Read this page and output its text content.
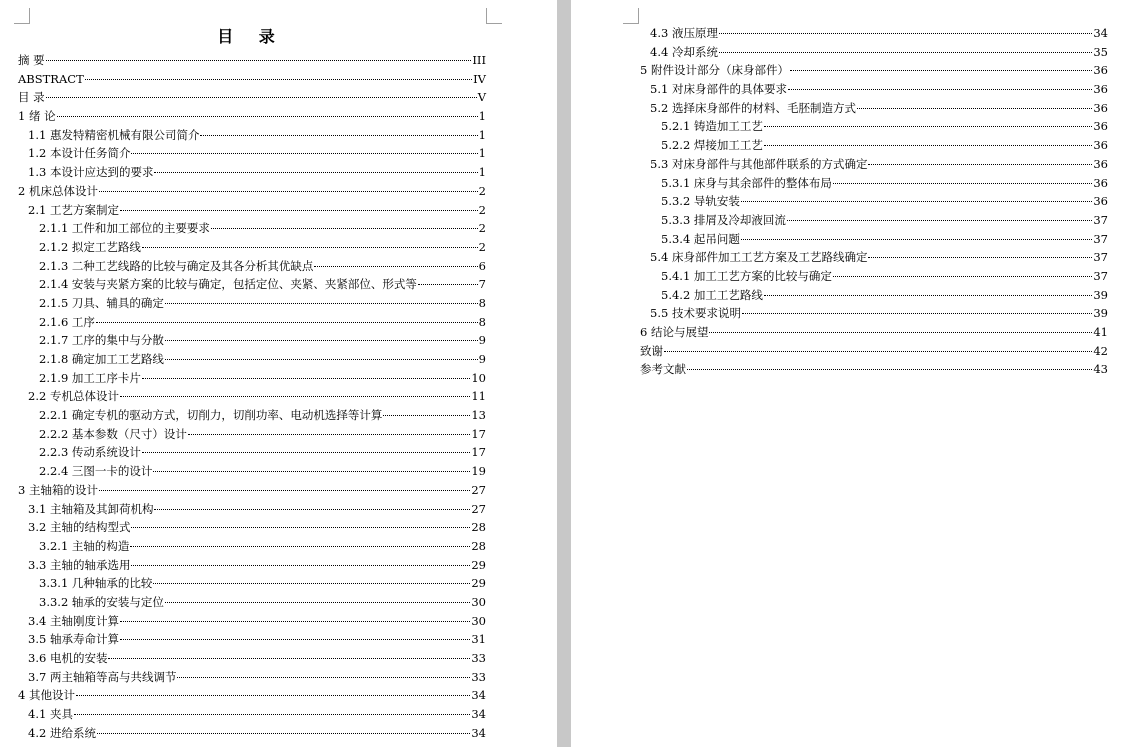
目 录
摘 要	III
ABSTRACT	IV
目 录	V
1 绪 论	1
1.1 惠发特精密机械有限公司简介	1
1.2 本设计任务简介	1
1.3 本设计应达到的要求	1
2 机床总体设计	2
2.1 工艺方案制定	2
2.1.1 工件和加工部位的主要要求	2
2.1.2 拟定工艺路线	2
2.1.3 二种工艺线路的比较与确定及其各分析其优缺点	6
2.1.4 安装与夹紧方案的比较与确定，包括定位、夹紧、夹紧部位、形式等	7
2.1.5 刀具、辅具的确定	8
2.1.6 工序	8
2.1.7 工序的集中与分散	9
2.1.8 确定加工工艺路线	9
2.1.9 加工工序卡片	10
2.2 专机总体设计	11
2.2.1 确定专机的驱动方式，切削力，切削功率、电动机选择等计算	13
2.2.2 基本参数（尺寸）设计	17
2.2.3 传动系统设计	17
2.2.4 三图一卡的设计	19
3 主轴箱的设计	27
3.1 主轴箱及其卸荷机构	27
3.2 主轴的结构型式	28
3.2.1 主轴的构造	28
3.3 主轴的轴承选用	29
3.3.1 几种轴承的比较	29
3.3.2 轴承的安装与定位	30
3.4 主轴刚度计算	30
3.5 轴承寿命计算	31
3.6 电机的安装	33
3.7 两主轴箱等高与共线调节	33
4 其他设计	34
4.1 夹具	34
4.2 进给系统	34
4.3 液压原理	34
4.4 冷却系统	35
5 附件设计部分（床身部件）	36
5.1 对床身部件的具体要求	36
5.2 选择床身部件的材料、毛胚制造方式	36
5.2.1 铸造加工工艺	36
5.2.2 焊接加工工艺	36
5.3 对床身部件与其他部件联系的方式确定	36
5.3.1 床身与其余部件的整体布局	36
5.3.2 导轨安装	36
5.3.3 排屑及冷却液回流	37
5.3.4 起吊问题	37
5.4 床身部件加工工艺方案及工艺路线确定	37
5.4.1 加工工艺方案的比较与确定	37
5.4.2 加工工艺路线	39
5.5 技术要求说明	39
6 结论与展望	41
致谢	42
参考文献	43
